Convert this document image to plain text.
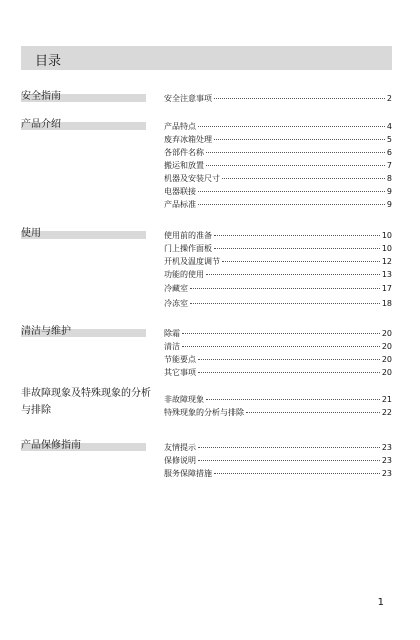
目录
安全指南	安全注意事项	2
产品介绍	产品特点	4
废弃冰箱处理	5
各部件名称	6
搬运和放置	7
机器及安装尺寸	8
电器联接	9
产品标准	9
使用	使用前的准备	10
门上操作面板	10
开机及温度调节	12
功能的使用	13
冷藏室	17
冷冻室	18
清洁与维护	除霜	20
清洁	20
节能要点	20
其它事项	20
非故障现象及特殊现象的分析与排除
非故障现象	21
特殊现象的分析与排除	22
产品保修指南	友情提示	23
保修说明	23
服务保障措施	23
1
